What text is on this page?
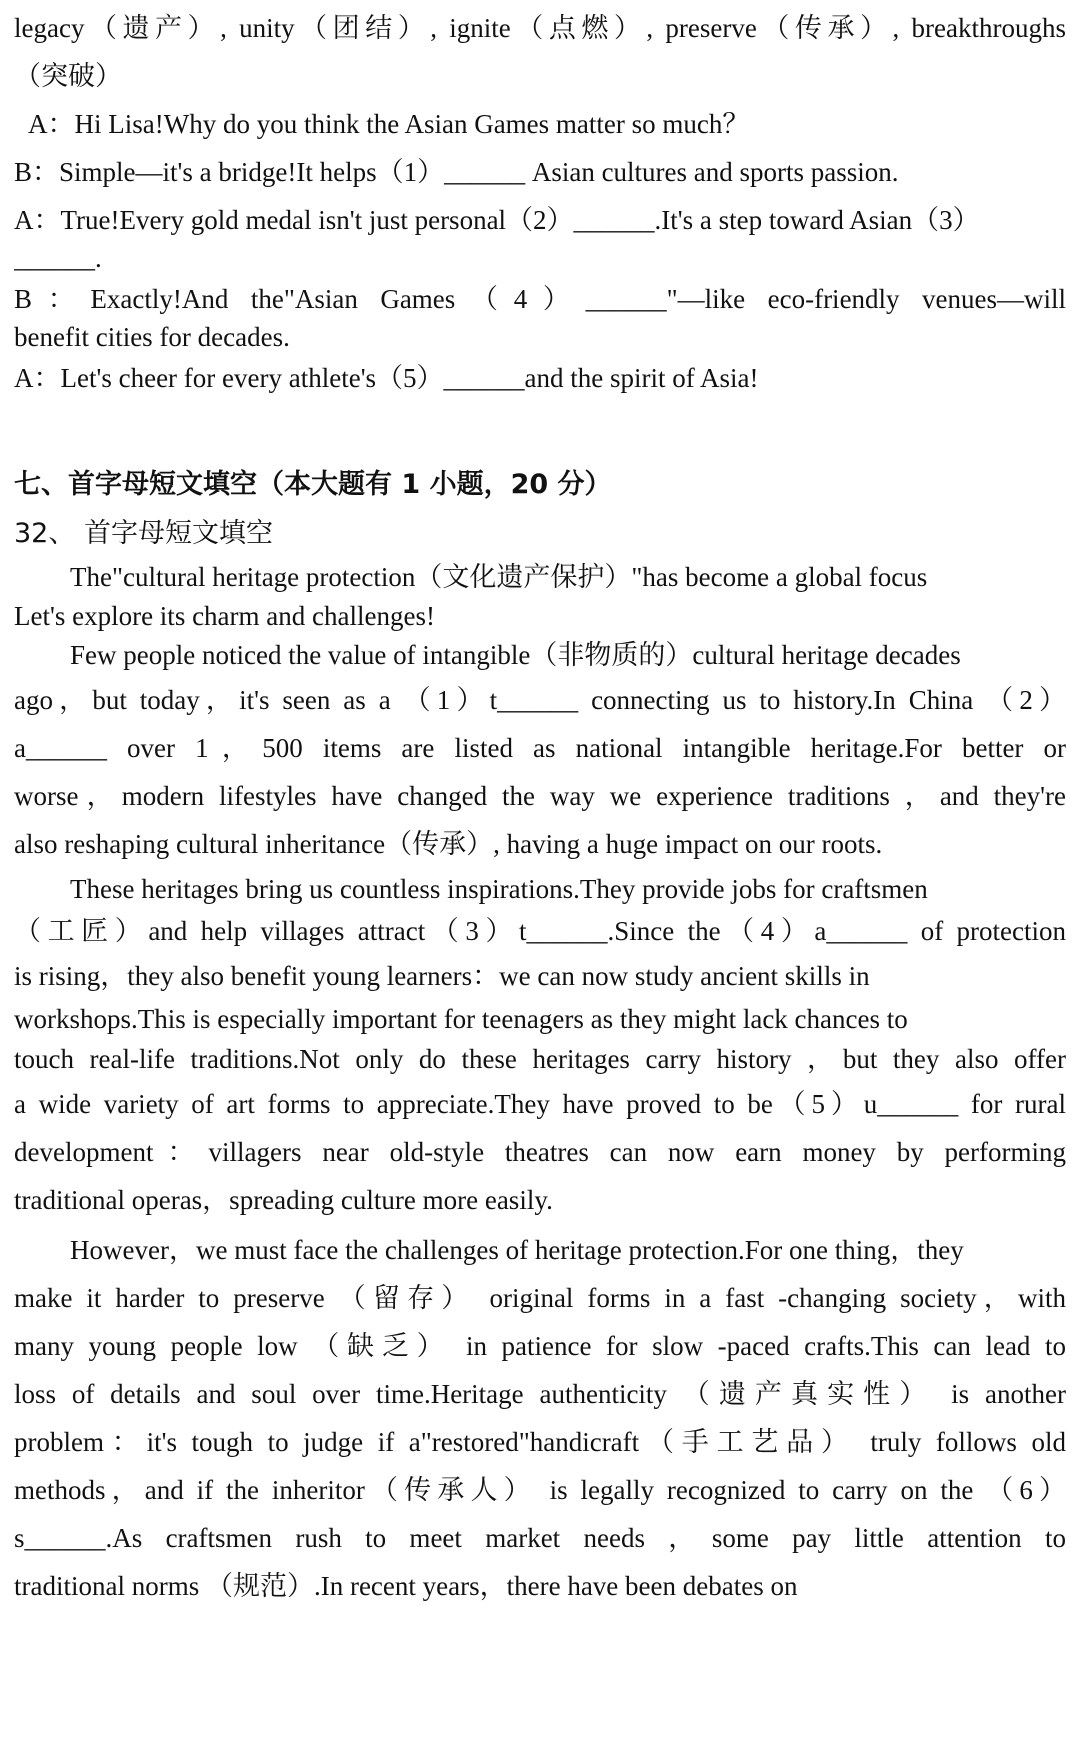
legacy（遗产）, unity（团结）, ignite（点燃）, preserve（传承）, breakthroughs
（突破）
A：Hi Lisa!Why do you think the Asian Games matter so much？
B：Simple—it's a bridge!It helps（1）______ Asian cultures and sports passion.
A：True!Every gold medal isn't just personal（2）______.It's a step toward Asian（3）
______.
B：Exactly!And the"Asian Games（4）______"—like eco-friendly venues—will
benefit cities for decades.
A：Let's cheer for every athlete's（5）______and the spirit of Asia!
七、首字母短文填空（本大题有 1 小题，20 分）
32、 首字母短文填空
The"cultural heritage protection（文化遗产保护）"has become a global focus
Let's explore its charm and challenges!
Few people noticed the value of intangible（非物质的）cultural heritage decades
ago，but today，it's seen as a （1）t______ connecting us to history.In China （2）
a______ over 1，500 items are listed as national intangible heritage.For better or
worse，modern lifestyles have changed the way we experience traditions ，and they're
also reshaping cultural inheritance（传承）, having a huge impact on our roots.
These heritages bring us countless inspirations.They provide jobs for craftsmen
（工匠）and help villages attract（3）t______.Since the（4）a______ of protection
is rising，they also benefit young learners：we can now study ancient skills in
workshops.This is especially important for teenagers as they might lack chances to
touch real-life traditions.Not only do these heritages carry history ，but they also offer
a wide variety of art forms to appreciate.They have proved to be（5）u______ for rural
development：villagers near old-style theatres can now earn money by performing
traditional operas，spreading culture more easily.
However，we must face the challenges of heritage protection.For one thing，they
make it harder to preserve （留存） original forms in a fast -changing society，with
many young people low （缺乏） in patience for slow -paced crafts.This can lead to
loss of details and soul over time.Heritage authenticity （遗产真实性） is another
problem：it's tough to judge if a"restored"handicraft（手工艺品） truly follows old
methods，and if the inheritor（传承人） is legally recognized to carry on the （6）
s______.As craftsmen rush to meet market needs ，some pay little attention to
traditional norms （规范）.In recent years，there have been debates on
